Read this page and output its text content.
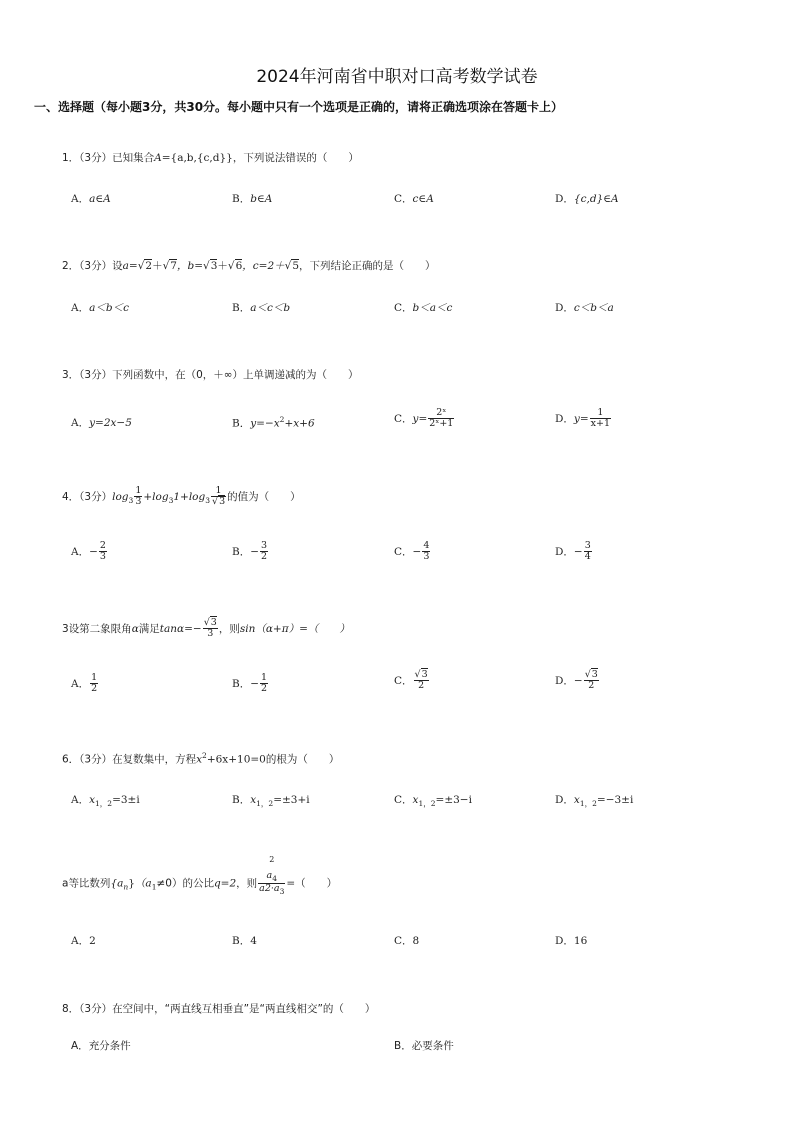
2024年河南省中职对口高考数学试卷
一、选择题（每小题3分，共30分。每小题中只有一个选项是正确的，请将正确选项涂在答题卡上）
1．（3分）已知集合A={a,b,{c,d}}，下列说法错误的（　　）
A．a∈A	B．b∈A	C．c∈A	D．{c,d}∈A
2．（3分）设a=√2＋√7，b=√3＋√6，c=2＋√5，下列结论正确的是（　　）
A．a＜b＜c	B．a＜c＜b	C．b＜a＜c	D．c＜b＜a
3．（3分）下列函数中，在（0，＋∞）上单调递减的为（　　）
A．y=2x−5	B．$y=-x^2+x+6$	C．$y= \frac{\text{2ˣ}}{\text{2ˣ+1}}$	D．$y= \frac{1}{x+1}$
4．（3分）$\log_3 \frac{1}{3} +\log_31+\log_3 \frac{1}{√3}$ 的值为（　　）
A．− $\frac{2}{3}$	B．− $\frac{3}{2}$	C．− $\frac{4}{3}$	D．− $\frac{3}{4}$
3设第二象限角α满足$\tan\alpha=- \frac{√3}{3}$ ，则sin（α+π）=（　　）
A． $\frac{1}{2}$	B．− $\frac{1}{2}$	C． $\frac{√3}{2}$	D．− $\frac{√3}{2}$
6．（3分）在复数集中，方程$x^2+6x+10=0$的根为（　　）
A．$x_{1,2}=3\pm i$	B．$x_{1,2}=\pm 3+i$	C．$x_{1,2}=\pm 3-i$	D．$x_{1,2}=-3\pm i$
a等比数列$\{a_n\}(a_1\ne 0)$的公比q=2，则
2
$a_4$
$a2\cdot a_3$
=（　　）
A．2	B．4	C．8	D．16
8．（3分）在空间中，“两直线互相垂直”是“两直线相交”的（　　）
A．充分条件	B．必要条件
